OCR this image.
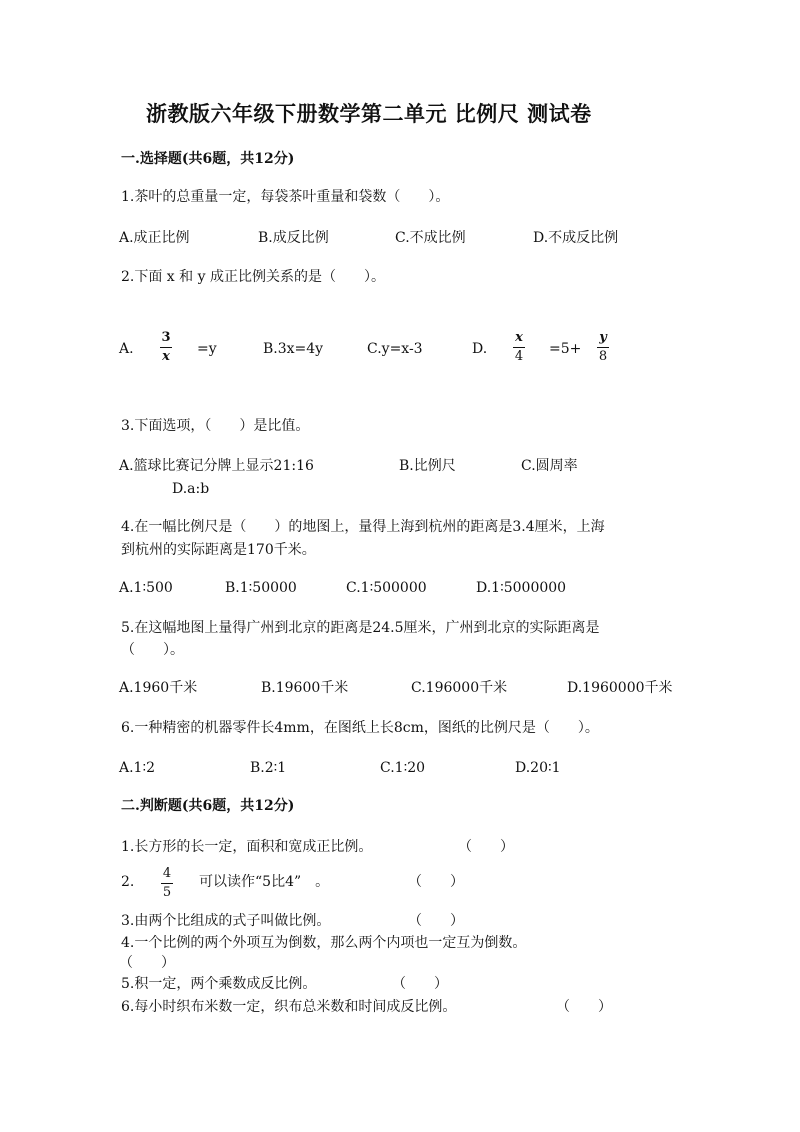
浙教版六年级下册数学第二单元 比例尺 测试卷
一.选择题(共6题，共12分)
1.茶叶的总重量一定，每袋茶叶重量和袋数（　　）。
A.成正比例	B.成反比例	C.不成比例	D.不成反比例
2.下面 x 和 y 成正比例关系的是（　　）。
A.
3
x =y	B.3x=4y	C.y=x-3	D.
x
4 =5+
y
8
3.下面选项，（　　）是比值。
A.篮球比赛记分牌上显示21:16	B.比例尺	C.圆周率
D.a:b
4.在一幅比例尺是（　　）的地图上，量得上海到杭州的距离是3.4厘米，上海
到杭州的实际距离是170千米。
A.1∶500	B.1∶50000	C.1∶500000	D.1∶5000000
5.在这幅地图上量得广州到北京的距离是24.5厘米，广州到北京的实际距离是
（　　）。
A.1960千米	B.19600千米	C.196000千米	D.1960000千米
6.一种精密的机器零件长4mm，在图纸上长8cm，图纸的比例尺是（　　）。
A.1∶2	B.2∶1	C.1∶20	D.20∶1
二.判断题(共6题，共12分)
1.长方形的长一定，面积和宽成正比例。	（　　）
2.
4
5
可以读作“5比4”　。	（　　）
3.由两个比组成的式子叫做比例。	（　　）
4.一个比例的两个外项互为倒数，那么两个内项也一定互为倒数。
（　　）
5.积一定，两个乘数成反比例。	（　　）
6.每小时织布米数一定，织布总米数和时间成反比例。	（　　）
